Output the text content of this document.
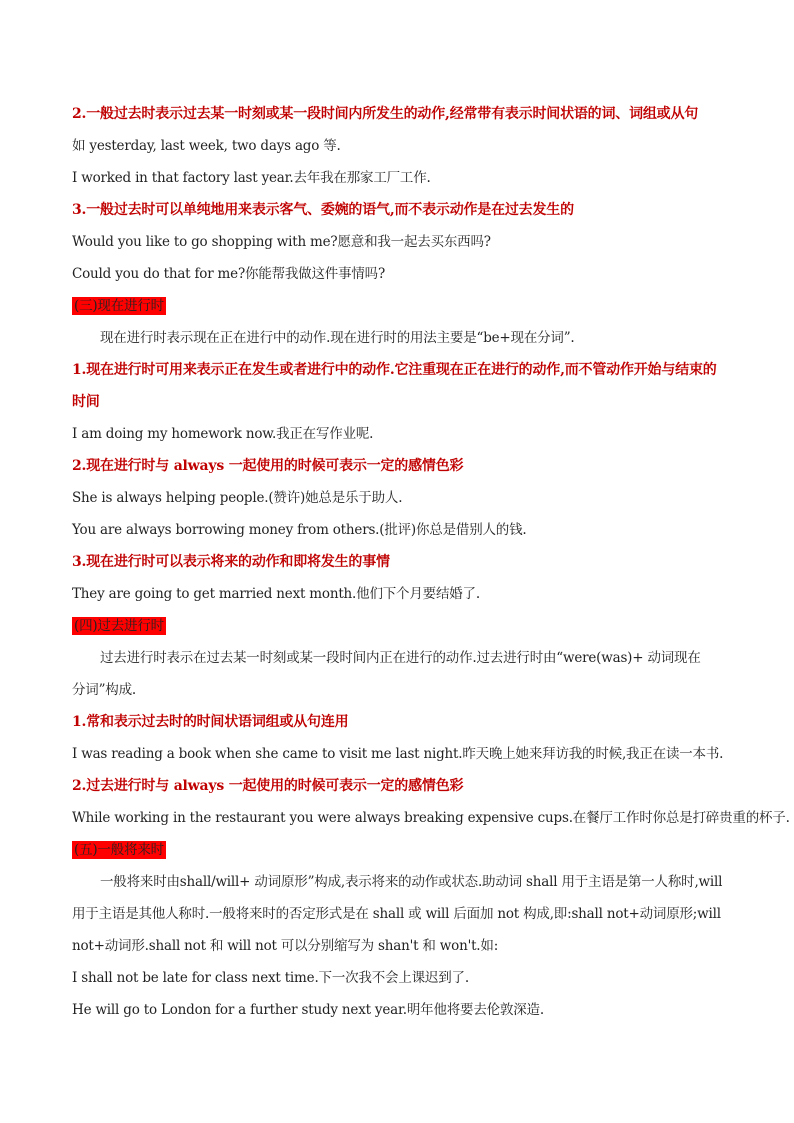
2.一般过去时表示过去某一时刻或某一段时间内所发生的动作,经常带有表示时间状语的词、词组或从句
如 yesterday, last week, two days ago 等.
I worked in that factory last year.去年我在那家工厂工作.
3.一般过去时可以单纯地用来表示客气、委婉的语气,而不表示动作是在过去发生的
Would you like to go shopping with me?愿意和我一起去买东西吗?
Could you do that for me?你能帮我做这件事情吗?
(三)现在进行时
现在进行时表示现在正在进行中的动作.现在进行时的用法主要是“be+现在分词”.
1.现在进行时可用来表示正在发生或者进行中的动作.它注重现在正在进行的动作,而不管动作开始与结束的
时间
I am doing my homework now.我正在写作业呢.
2.现在进行时与 always 一起使用的时候可表示一定的感情色彩
She is always helping people.(赞许)她总是乐于助人.
You are always borrowing money from others.(批评)你总是借别人的钱.
3.现在进行时可以表示将来的动作和即将发生的事情
They are going to get married next month.他们下个月要结婚了.
(四)过去进行时
过去进行时表示在过去某一时刻或某一段时间内正在进行的动作.过去进行时由“were(was)+ 动词现在
分词”构成.
1.常和表示过去时的时间状语词组或从句连用
I was reading a book when she came to visit me last night.昨天晚上她来拜访我的时候,我正在读一本书.
2.过去进行时与 always 一起使用的时候可表示一定的感情色彩
While working in the restaurant you were always breaking expensive cups.在餐厅工作时你总是打碎贵重的杯子.
(五)一般将来时
一般将来时由shall/will+ 动词原形”构成,表示将来的动作或状态.助动词 shall 用于主语是第一人称时,will
用于主语是其他人称时.一般将来时的否定形式是在 shall 或 will 后面加 not 构成,即:shall not+动词原形;will
not+动词形.shall not 和 will not 可以分别缩写为 shan't 和 won't.如:
I shall not be late for class next time.下一次我不会上课迟到了.
He will go to London for a further study next year.明年他将要去伦敦深造.
